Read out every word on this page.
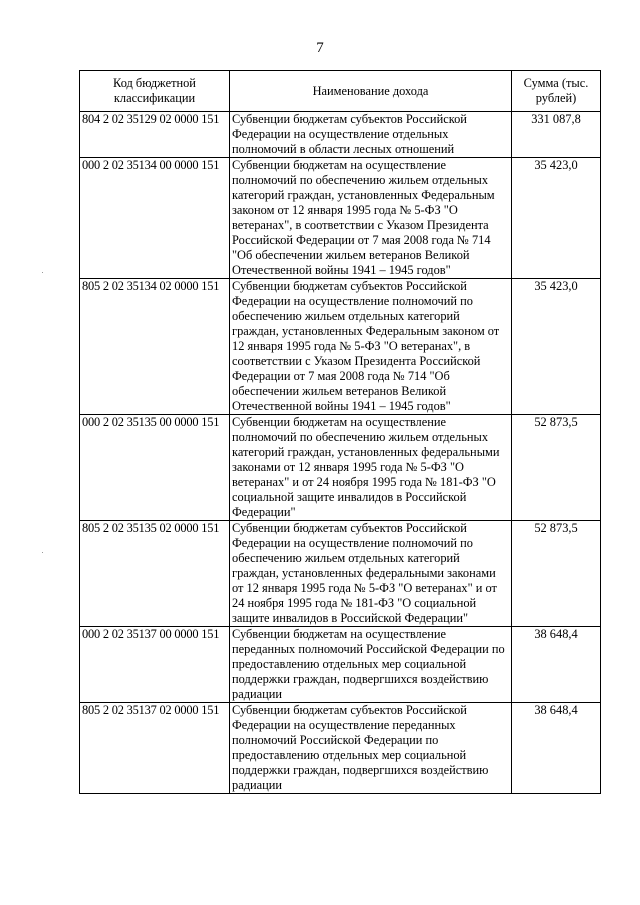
7
Код бюджетной классификации	Наименование дохода	Сумма (тыс. рублей)
804 2 02 35129 02 0000 151	Субвенции бюджетам субъектов Российской Федерации на осуществление отдельных полномочий в области лесных отношений	331 087,8
000 2 02 35134 00 0000 151	Субвенции бюджетам на осуществление полномочий по обеспечению жильем отдельных категорий граждан, установленных Федеральным законом от 12 января 1995 года № 5-ФЗ "О ветеранах", в соответствии с Указом Президента Российской Федерации от 7 мая 2008 года № 714 "Об обеспечении жильем ветеранов Великой Отечественной войны 1941 – 1945 годов"	35 423,0
805 2 02 35134 02 0000 151	Субвенции бюджетам субъектов Российской Федерации на осуществление полномочий по обеспечению жильем отдельных категорий граждан, установленных Федеральным законом от 12 января 1995 года № 5-ФЗ "О ветеранах", в соответствии с Указом Президента Российской Федерации от 7 мая 2008 года № 714 "Об обеспечении жильем ветеранов Великой Отечественной войны 1941 – 1945 годов"	35 423,0
000 2 02 35135 00 0000 151	Субвенции бюджетам на осуществление полномочий по обеспечению жильем отдельных категорий граждан, установленных федеральными законами от 12 января 1995 года № 5-ФЗ "О ветеранах" и от 24 ноября 1995 года № 181-ФЗ "О социальной защите инвалидов в Российской Федерации"	52 873,5
805 2 02 35135 02 0000 151	Субвенции бюджетам субъектов Российской Федерации на осуществление полномочий по обеспечению жильем отдельных категорий граждан, установленных федеральными законами от 12 января 1995 года № 5-ФЗ "О ветеранах" и от 24 ноября 1995 года № 181-ФЗ "О социальной защите инвалидов в Российской Федерации"	52 873,5
000 2 02 35137 00 0000 151	Субвенции бюджетам на осуществление переданных полномочий Российской Федерации по предоставлению отдельных мер социальной поддержки граждан, подвергшихся воздействию радиации	38 648,4
805 2 02 35137 02 0000 151	Субвенции бюджетам субъектов Российской Федерации на осуществление переданных полномочий Российской Федерации по предоставлению отдельных мер социальной поддержки граждан, подвергшихся воздействию радиации	38 648,4
